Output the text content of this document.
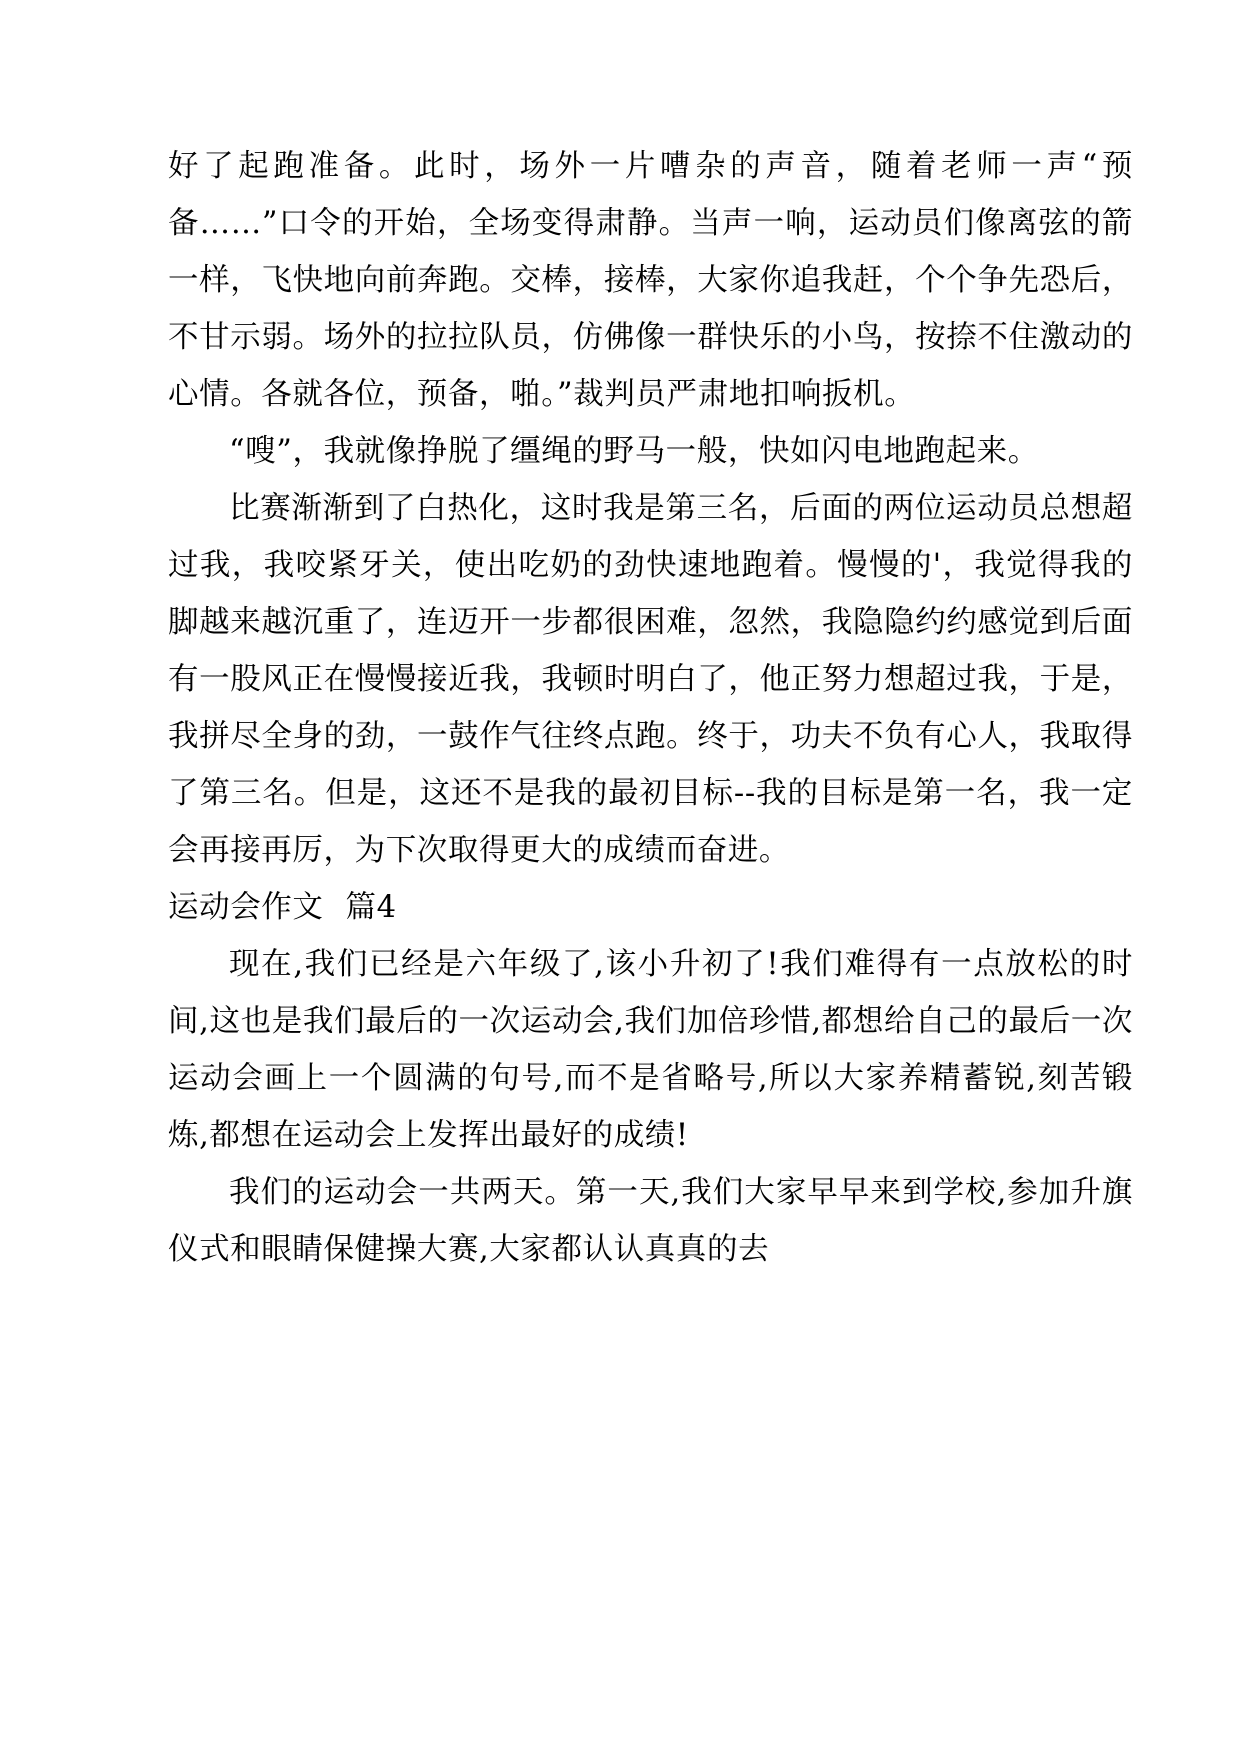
好了起跑准备。此时，场外一片嘈杂的声音，随着老师一声“预备……”口令的开始，全场变得肃静。当声一响，运动员们像离弦的箭一样，飞快地向前奔跑。交棒，接棒，大家你追我赶，个个争先恐后，不甘示弱。场外的拉拉队员，仿佛像一群快乐的小鸟，按捺不住激动的心情。各就各位，预备，啪。”裁判员严肃地扣响扳机。

“嗖”，我就像挣脱了缰绳的野马一般，快如闪电地跑起来。

比赛渐渐到了白热化，这时我是第三名，后面的两位运动员总想超过我，我咬紧牙关，使出吃奶的劲快速地跑着。慢慢的'，我觉得我的脚越来越沉重了，连迈开一步都很困难，忽然，我隐隐约约感觉到后面有一股风正在慢慢接近我，我顿时明白了，他正努力想超过我，于是，我拼尽全身的劲，一鼓作气往终点跑。终于，功夫不负有心人，我取得了第三名。但是，这还不是我的最初目标--我的目标是第一名，我一定会再接再厉，为下次取得更大的成绩而奋进。

运动会作文 篇4

现在,我们已经是六年级了,该小升初了!我们难得有一点放松的时间,这也是我们最后的一次运动会,我们加倍珍惜,都想给自己的最后一次运动会画上一个圆满的句号,而不是省略号,所以大家养精蓄锐,刻苦锻炼,都想在运动会上发挥出最好的成绩!

我们的运动会一共两天。第一天,我们大家早早来到学校,参加升旗仪式和眼睛保健操大赛,大家都认认真真的去
